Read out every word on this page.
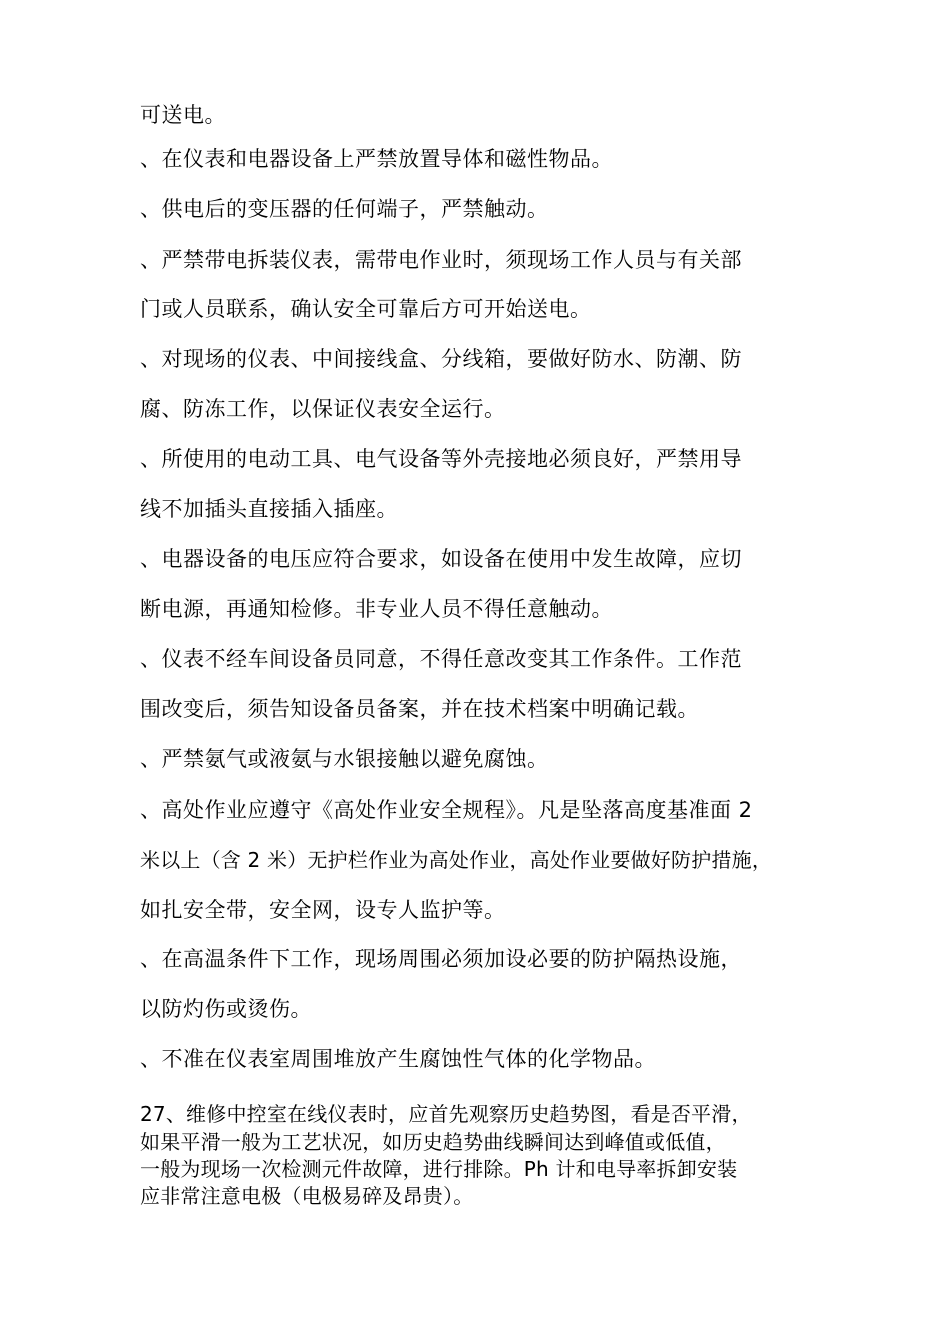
可送电。
、在仪表和电器设备上严禁放置导体和磁性物品。
、供电后的变压器的任何端子，严禁触动。
、严禁带电拆装仪表，需带电作业时，须现场工作人员与有关部
门或人员联系，确认安全可靠后方可开始送电。
、对现场的仪表、中间接线盒、分线箱，要做好防水、防潮、防
腐、防冻工作，以保证仪表安全运行。
、所使用的电动工具、电气设备等外壳接地必须良好，严禁用导
线不加插头直接插入插座。
、电器设备的电压应符合要求，如设备在使用中发生故障，应切
断电源，再通知检修。非专业人员不得任意触动。
、仪表不经车间设备员同意，不得任意改变其工作条件。工作范
围改变后，须告知设备员备案，并在技术档案中明确记载。
、严禁氨气或液氨与水银接触以避免腐蚀。
、高处作业应遵守《高处作业安全规程》。凡是坠落高度基准面 2
米以上（含 2 米）无护栏作业为高处作业，高处作业要做好防护措施，
如扎安全带，安全网，设专人监护等。
、在高温条件下工作，现场周围必须加设必要的防护隔热设施，
以防灼伤或烫伤。
、不准在仪表室周围堆放产生腐蚀性气体的化学物品。
27、维修中控室在线仪表时，应首先观察历史趋势图，看是否平滑，
如果平滑一般为工艺状况，如历史趋势曲线瞬间达到峰值或低值，
一般为现场一次检测元件故障，进行排除。Ph 计和电导率拆卸安装
应非常注意电极（电极易碎及昂贵）。
